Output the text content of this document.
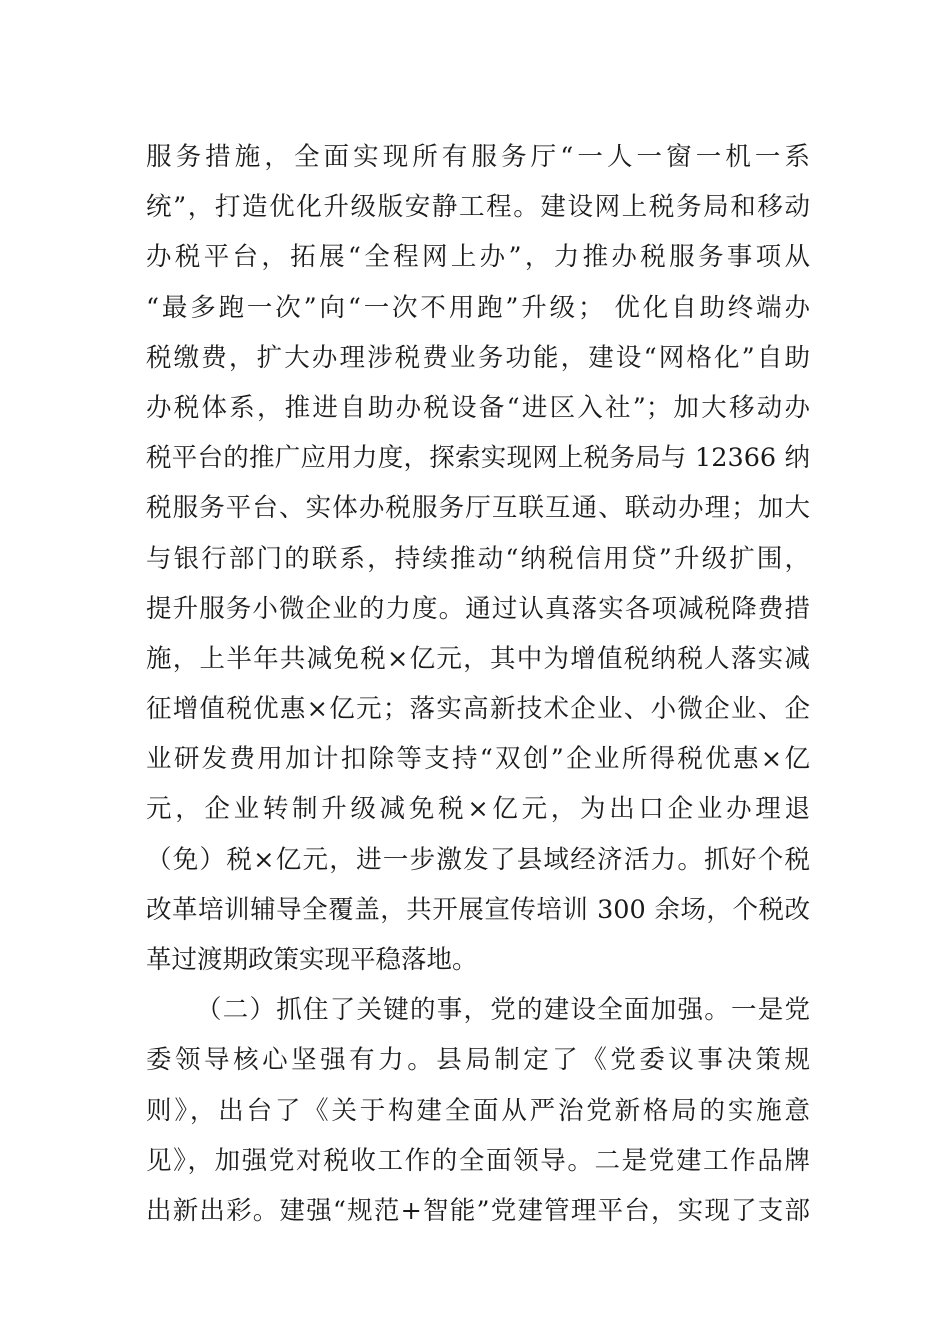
服务措施，全面实现所有服务厅“一人一窗一机一系
统”，打造优化升级版安静工程。建设网上税务局和移动
办税平台，拓展“全程网上办”，力推办税服务事项从
“最多跑一次”向“一次不用跑”升级； 优化自助终端办
税缴费，扩大办理涉税费业务功能，建设“网格化”自助
办税体系，推进自助办税设备“进区入社”；加大移动办
税平台的推广应用力度，探索实现网上税务局与 12366 纳
税服务平台、实体办税服务厅互联互通、联动办理；加大
与银行部门的联系，持续推动“纳税信用贷”升级扩围，
提升服务小微企业的力度。通过认真落实各项减税降费措
施，上半年共减免税×亿元，其中为增值税纳税人落实减
征增值税优惠×亿元；落实高新技术企业、小微企业、企
业研发费用加计扣除等支持“双创”企业所得税优惠×亿
元，企业转制升级减免税×亿元，为出口企业办理退
（免）税×亿元，进一步激发了县域经济活力。抓好个税
改革培训辅导全覆盖，共开展宣传培训 300 余场，个税改
革过渡期政策实现平稳落地。
（二）抓住了关键的事，党的建设全面加强。一是党
委领导核心坚强有力。县局制定了《党委议事决策规
则》，出台了《关于构建全面从严治党新格局的实施意
见》，加强党对税收工作的全面领导。二是党建工作品牌
出新出彩。建强“规范+智能”党建管理平台，实现了支部
